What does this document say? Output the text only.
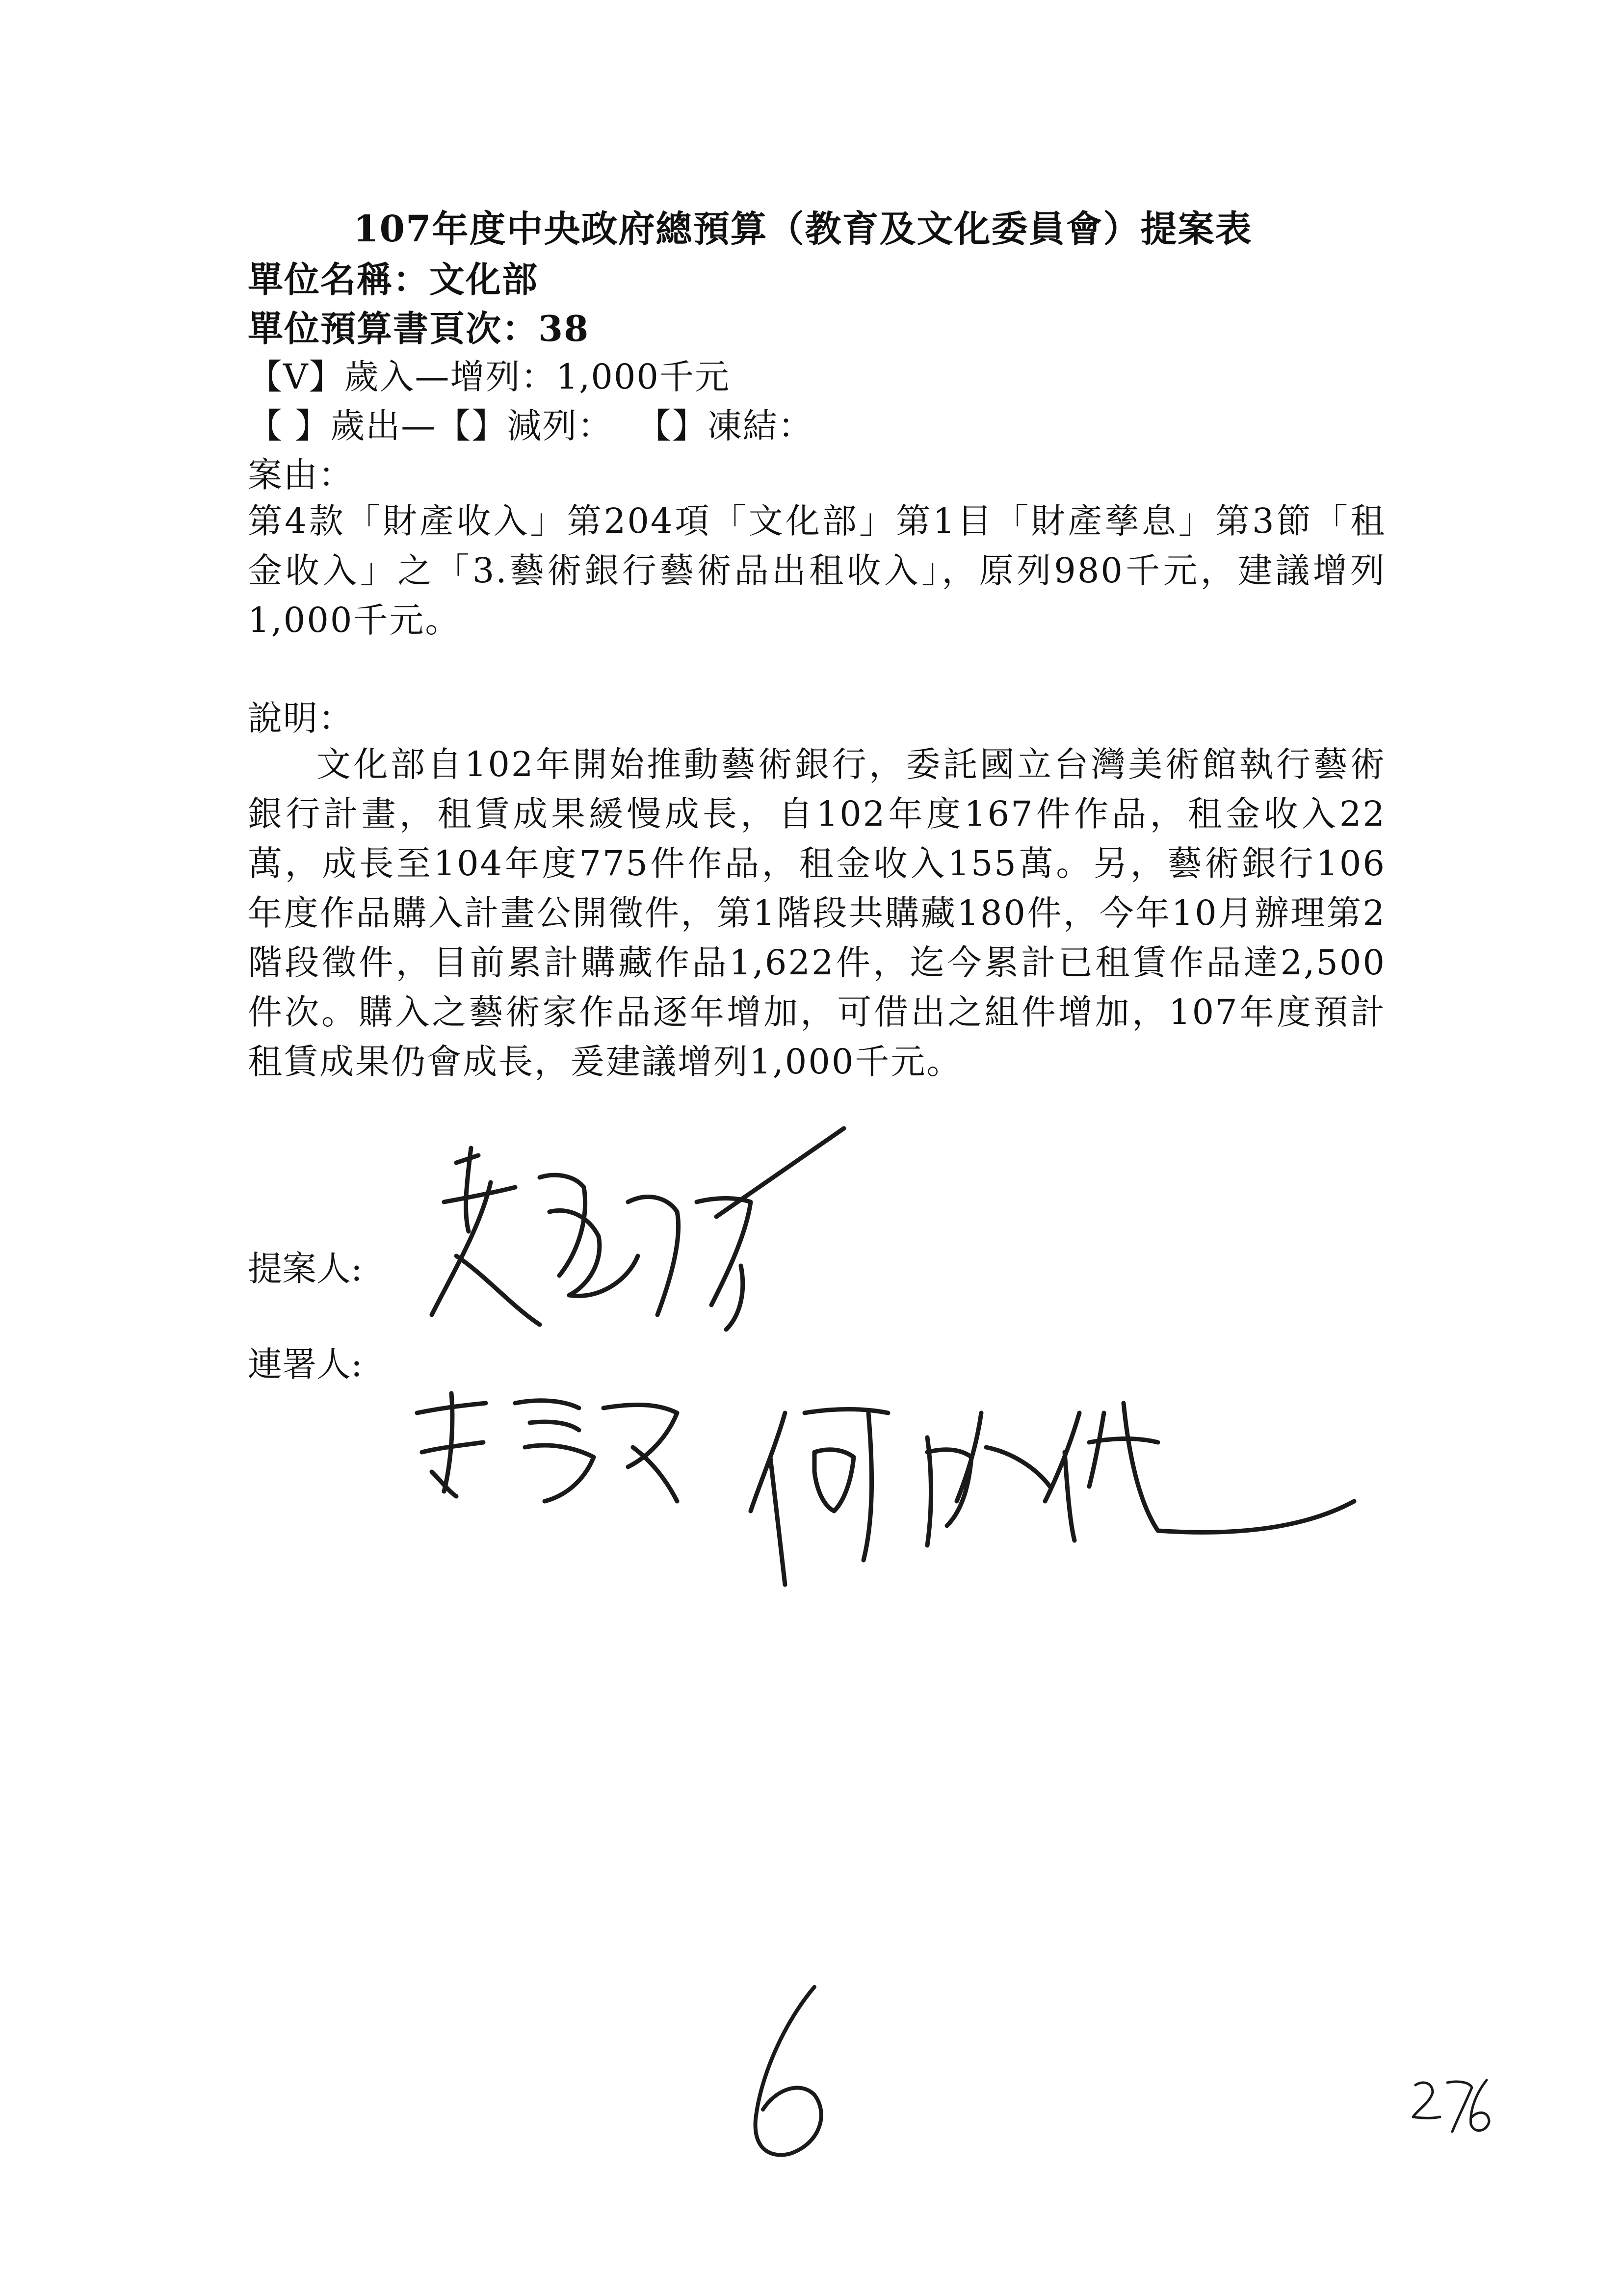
107年度中央政府總預算（教育及文化委員會）提案表
單位名稱：文化部
單位預算書頁次：38
【V】歲入—增列：1,000千元
【 】歲出—【】減列：  【】凍結：
案由：
第4款「財產收入」第204項「文化部」第1目「財產孳息」第3節「租金收入」之「3.藝術銀行藝術品出租收入」，原列980千元，建議增列1,000千元。
說明：
文化部自102年開始推動藝術銀行，委託國立台灣美術館執行藝術銀行計畫，租賃成果緩慢成長，自102年度167件作品，租金收入22萬，成長至104年度775件作品，租金收入155萬。另，藝術銀行106年度作品購入計畫公開徵件，第1階段共購藏180件，今年10月辦理第2階段徵件，目前累計購藏作品1,622件，迄今累計已租賃作品達2,500件次。購入之藝術家作品逐年增加，可借出之組件增加，107年度預計租賃成果仍會成長，爰建議增列1,000千元。
提案人:
連署人:
